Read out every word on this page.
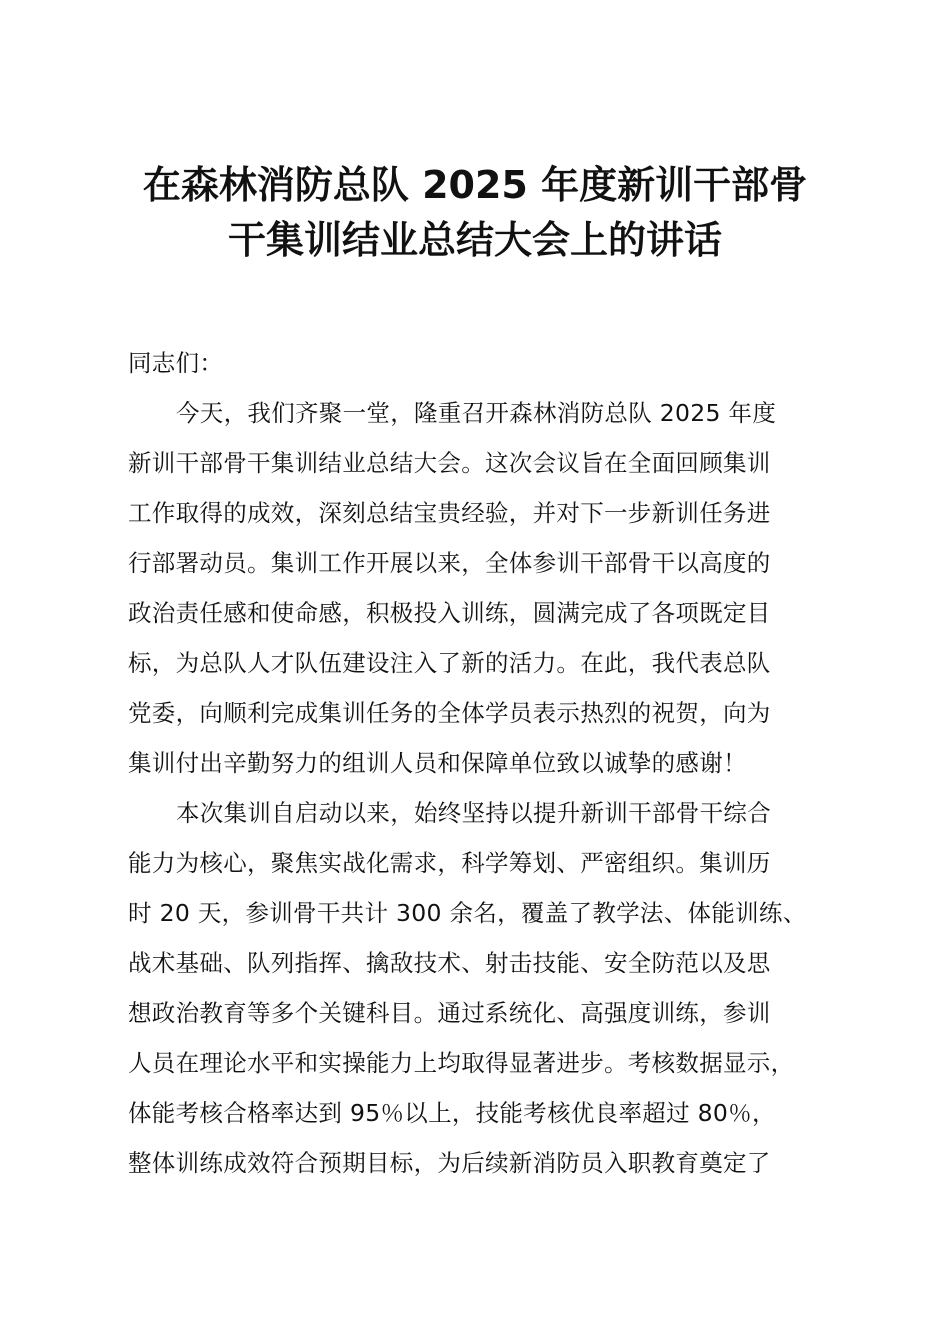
在森林消防总队 2025 年度新训干部骨
干集训结业总结大会上的讲话
同志们：
今天，我们齐聚一堂，隆重召开森林消防总队 2025 年度
新训干部骨干集训结业总结大会。这次会议旨在全面回顾集训
工作取得的成效，深刻总结宝贵经验，并对下一步新训任务进
行部署动员。集训工作开展以来，全体参训干部骨干以高度的
政治责任感和使命感，积极投入训练，圆满完成了各项既定目
标，为总队人才队伍建设注入了新的活力。在此，我代表总队
党委，向顺利完成集训任务的全体学员表示热烈的祝贺，向为
集训付出辛勤努力的组训人员和保障单位致以诚挚的感谢！
本次集训自启动以来，始终坚持以提升新训干部骨干综合
能力为核心，聚焦实战化需求，科学筹划、严密组织。集训历
时 20 天，参训骨干共计 300 余名，覆盖了教学法、体能训练、
战术基础、队列指挥、擒敌技术、射击技能、安全防范以及思
想政治教育等多个关键科目。通过系统化、高强度训练，参训
人员在理论水平和实操能力上均取得显著进步。考核数据显示，
体能考核合格率达到 95％以上，技能考核优良率超过 80％，
整体训练成效符合预期目标，为后续新消防员入职教育奠定了
